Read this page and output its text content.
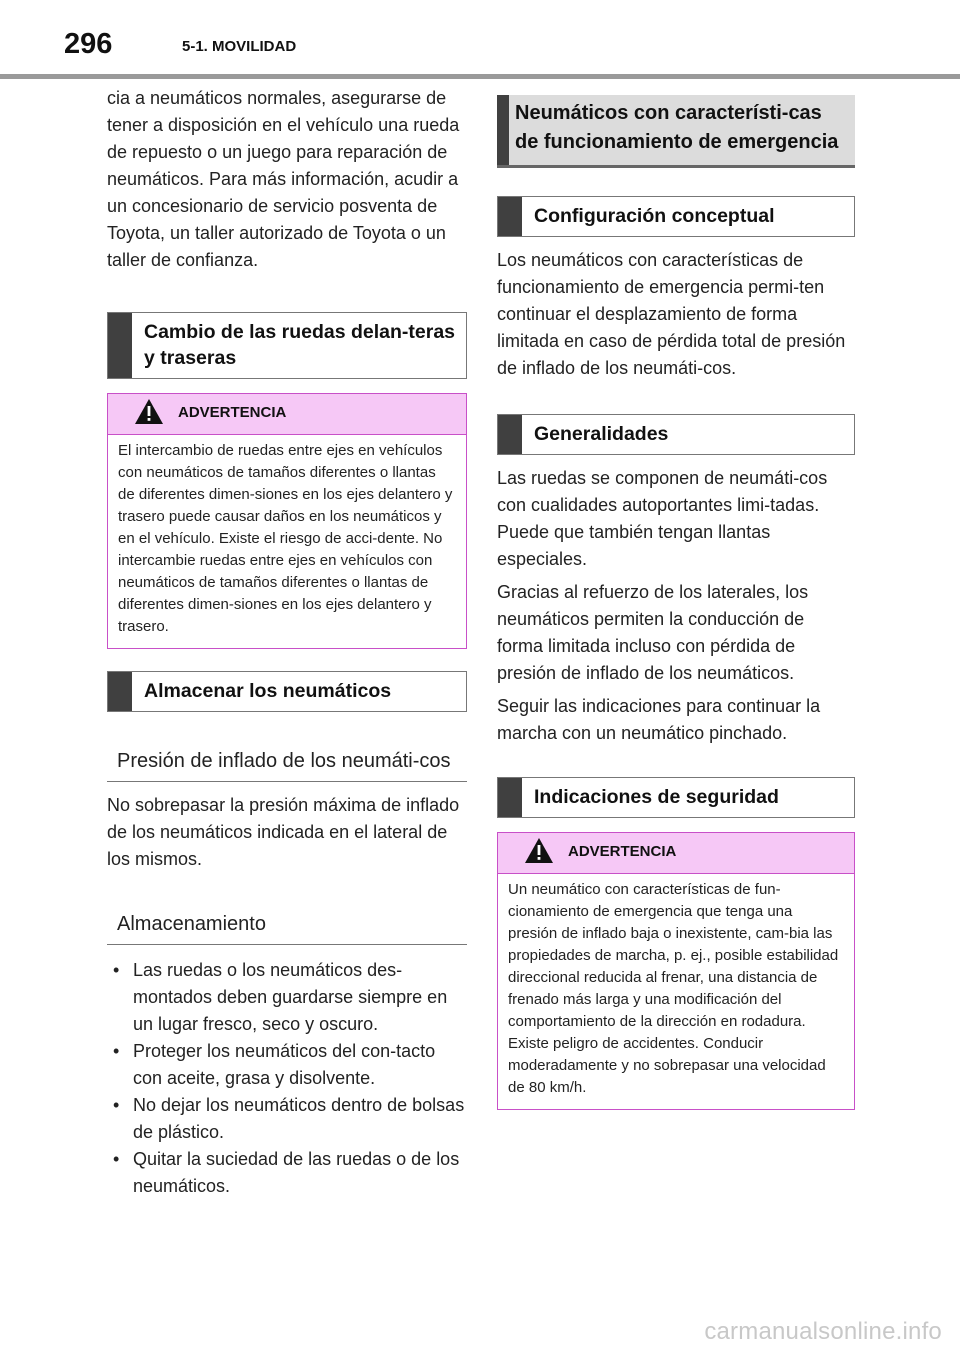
296	5-1. MOVILIDAD

cia a neumáticos normales, asegurarse de tener a disposición en el vehículo una rueda de repuesto o un juego para reparación de neumáticos. Para más información, acudir a un concesionario de servicio posventa de Toyota, un taller autorizado de Toyota o un taller de confianza.

Cambio de las ruedas delan-teras y traseras
ADVERTENCIA
El intercambio de ruedas entre ejes en vehículos con neumáticos de tamaños diferentes o llantas de diferentes dimen-siones en los ejes delantero y trasero puede causar daños en los neumáticos y en el vehículo. Existe el riesgo de acci-dente. No intercambie ruedas entre ejes en vehículos con neumáticos de tamaños diferentes o llantas de diferentes dimen-siones en los ejes delantero y trasero.
Almacenar los neumáticos
Presión de inflado de los neumáti-cos

No sobrepasar la presión máxima de inflado de los neumáticos indicada en el lateral de los mismos.

Almacenamiento
• Las ruedas o los neumáticos des-montados deben guardarse siempre en un lugar fresco, seco y oscuro.
• Proteger los neumáticos del con-tacto con aceite, grasa y disolvente.
• No dejar los neumáticos dentro de bolsas de plástico.
• Quitar la suciedad de las ruedas o de los neumáticos.
Neumáticos con característi-cas de funcionamiento de emergencia
Configuración conceptual

Los neumáticos con características de funcionamiento de emergencia permi-ten continuar el desplazamiento de forma limitada en caso de pérdida total de presión de inflado de los neumáti-cos.

Generalidades

Las ruedas se componen de neumáti-cos con cualidades autoportantes limi-tadas. Puede que también tengan llantas especiales.

Gracias al refuerzo de los laterales, los neumáticos permiten la conducción de forma limitada incluso con pérdida de presión de inflado de los neumáticos.

Seguir las indicaciones para continuar la marcha con un neumático pinchado.

Indicaciones de seguridad
ADVERTENCIA
Un neumático con características de fun-cionamiento de emergencia que tenga una presión de inflado baja o inexistente, cam-bia las propiedades de marcha, p. ej., posible estabilidad direccional reducida al frenar, una distancia de frenado más larga y una modificación del comportamiento de la dirección en rodadura. Existe peligro de accidentes. Conducir moderadamente y no sobrepasar una velocidad de 80 km/h.
carmanualsonline.info
